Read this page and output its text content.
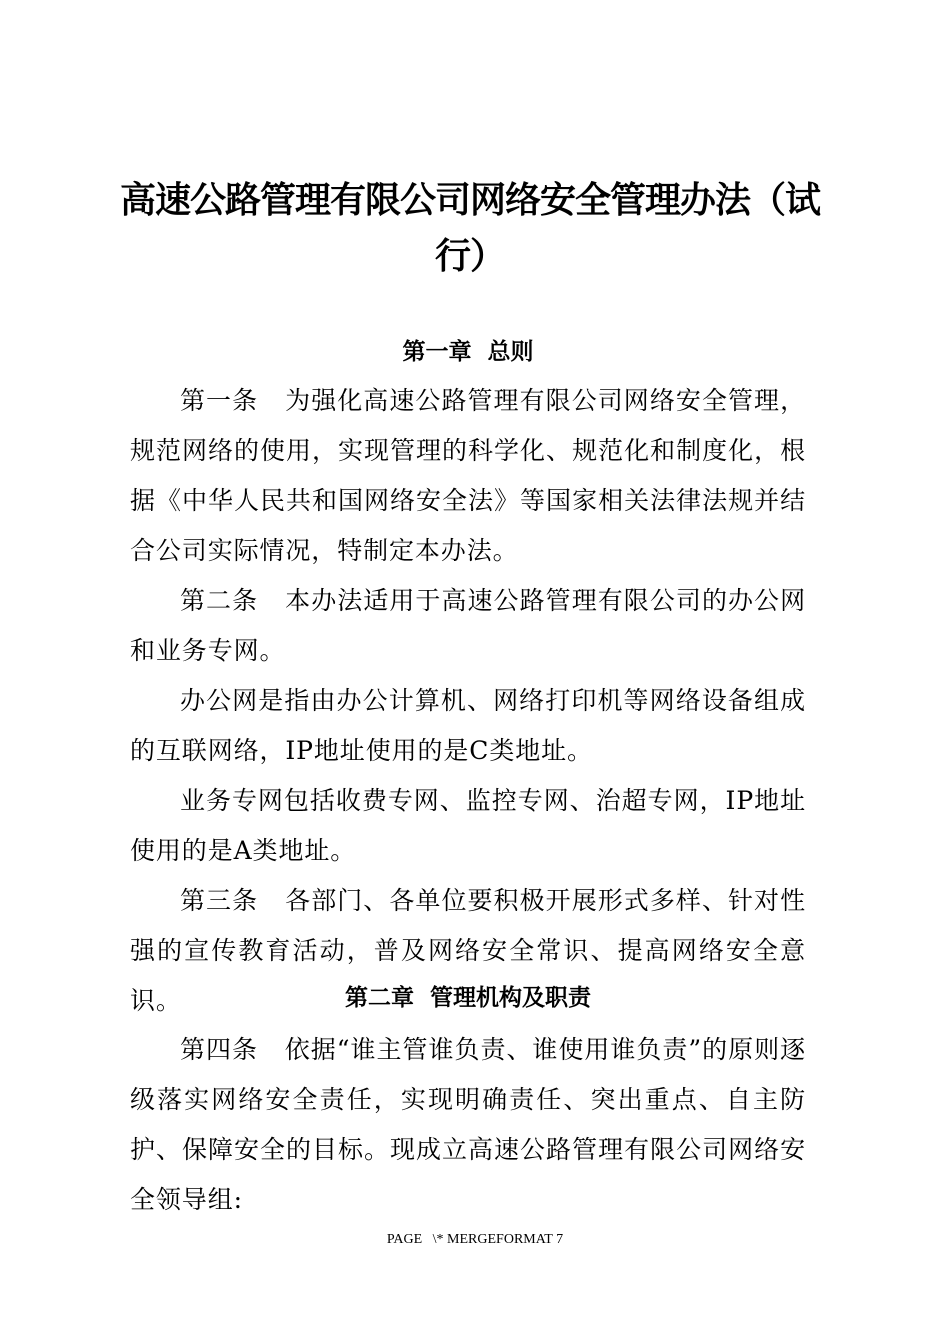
高速公路管理有限公司网络安全管理办法（试行）
第一章  总则

第一条   为强化高速公路管理有限公司网络安全管理，规范网络的使用，实现管理的科学化、规范化和制度化，根据《中华人民共和国网络安全法》等国家相关法律法规并结合公司实际情况，特制定本办法。

第二条   本办法适用于高速公路管理有限公司的办公网和业务专网。

办公网是指由办公计算机、网络打印机等网络设备组成的互联网络，IP地址使用的是C类地址。

业务专网包括收费专网、监控专网、治超专网，IP地址使用的是A类地址。

第三条   各部门、各单位要积极开展形式多样、针对性强的宣传教育活动，普及网络安全常识、提高网络安全意识。	第二章  管理机构及职责

第四条   依据“谁主管谁负责、谁使用谁负责”的原则逐级落实网络安全责任，实现明确责任、突出重点、自主防护、保障安全的目标。现成立高速公路管理有限公司网络安全领导组:

PAGE   \* MERGEFORMAT 7
